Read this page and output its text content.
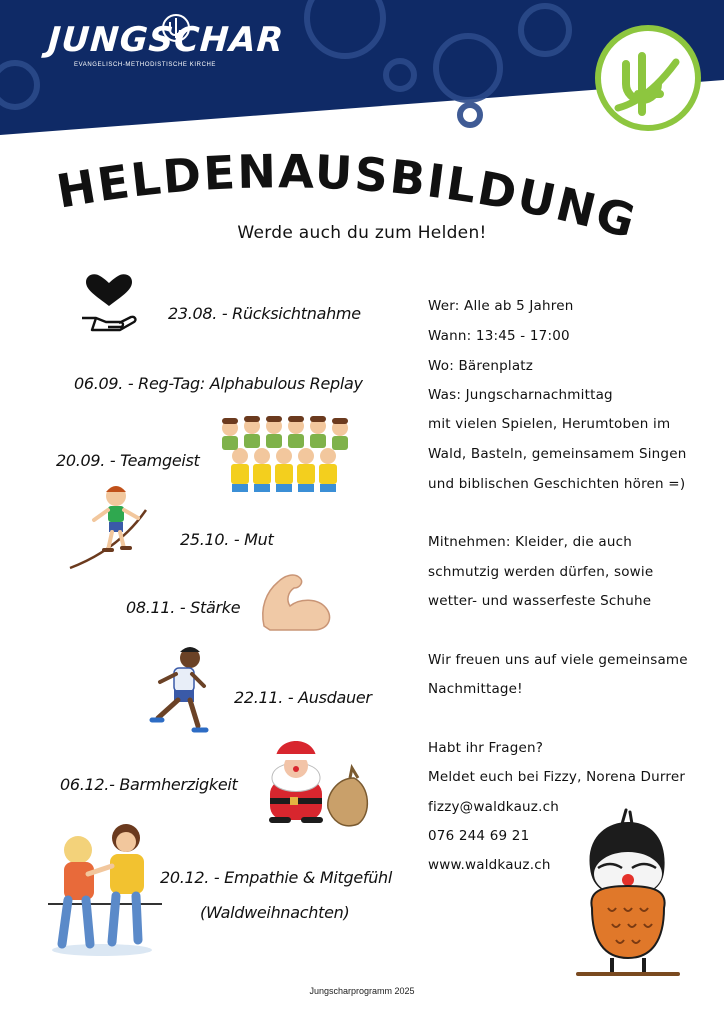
JUNGSCHAR
EVANGELISCH-METHODISTISCHE KIRCHE
HELDENAUSBILDUNG
Werde auch du zum Helden!
23.08. - Rücksichtnahme
06.09. - Reg-Tag: Alphabulous Replay
20.09. - Teamgeist
25.10. - Mut
08.11. - Stärke
22.11. - Ausdauer
06.12.- Barmherzigkeit
20.12. - Empathie & Mitgefühl
(Waldweihnachten)
Wer: Alle ab 5 Jahren
Wann: 13:45 - 17:00
Wo: Bärenplatz
Was: Jungscharnachmittag
mit vielen Spielen, Herumtoben im
Wald, Basteln, gemeinsamem Singen
und biblischen Geschichten hören =)
Mitnehmen: Kleider, die auch
schmutzig werden dürfen, sowie
wetter- und wasserfeste Schuhe
Wir freuen uns auf viele gemeinsame
Nachmittage!
Habt ihr Fragen?
Meldet euch bei Fizzy, Norena Durrer
fizzy@waldkauz.ch
076 244 69 21
www.waldkauz.ch
Jungscharprogramm 2025
